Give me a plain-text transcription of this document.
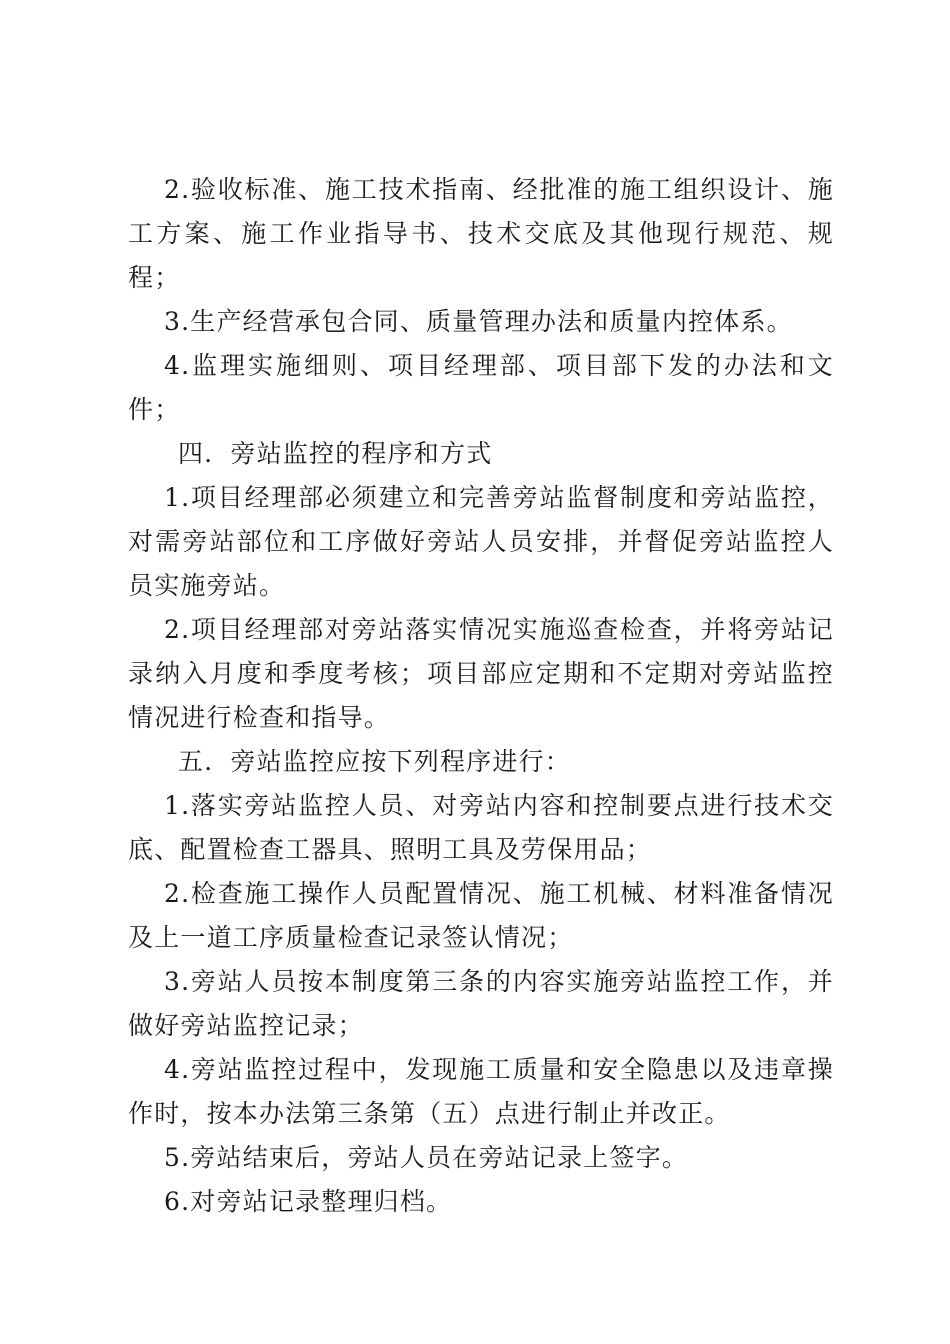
2.验收标准、施工技术指南、经批准的施工组织设计、施工方案、施工作业指导书、技术交底及其他现行规范、规程；

3.生产经营承包合同、质量管理办法和质量内控体系。

4.监理实施细则、项目经理部、项目部下发的办法和文件；

四．旁站监控的程序和方式

1.项目经理部必须建立和完善旁站监督制度和旁站监控，对需旁站部位和工序做好旁站人员安排，并督促旁站监控人员实施旁站。

2.项目经理部对旁站落实情况实施巡查检查，并将旁站记录纳入月度和季度考核；项目部应定期和不定期对旁站监控情况进行检查和指导。

五．旁站监控应按下列程序进行：

1.落实旁站监控人员、对旁站内容和控制要点进行技术交底、配置检查工器具、照明工具及劳保用品；

2.检查施工操作人员配置情况、施工机械、材料准备情况及上一道工序质量检查记录签认情况；

3.旁站人员按本制度第三条的内容实施旁站监控工作，并做好旁站监控记录；

4.旁站监控过程中，发现施工质量和安全隐患以及违章操作时，按本办法第三条第（五）点进行制止并改正。

5.旁站结束后，旁站人员在旁站记录上签字。

6.对旁站记录整理归档。
